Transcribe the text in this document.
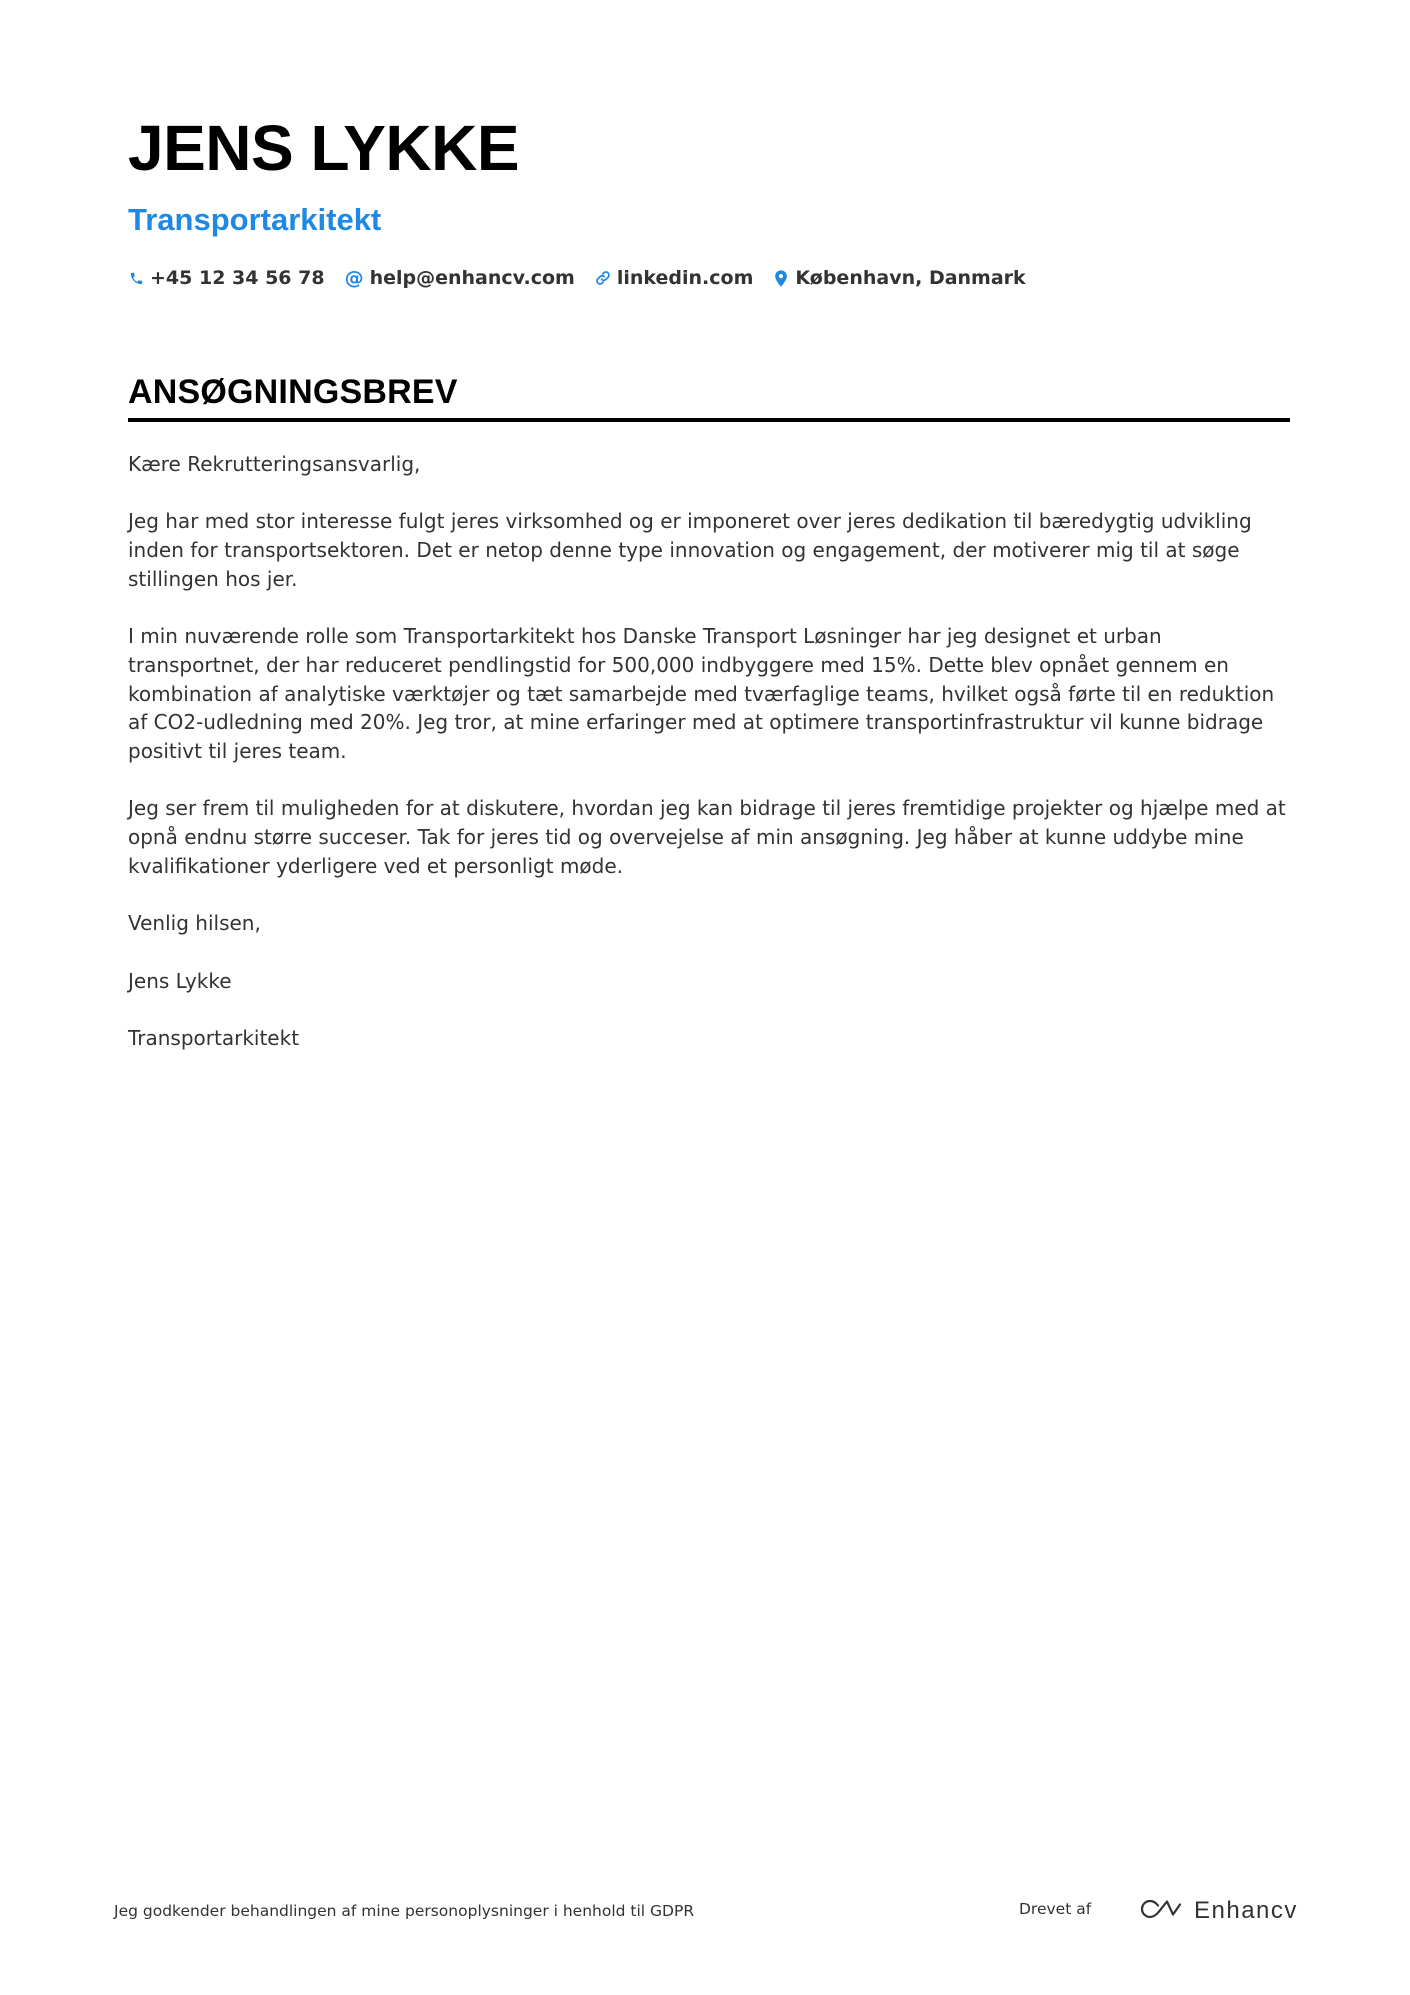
JENS LYKKE
Transportarkitekt
+45 12 34 56 78 @ help@enhancv.com linkedin.com København, Danmark
ANSØGNINGSBREV

Kære Rekrutteringsansvarlig,

Jeg har med stor interesse fulgt jeres virksomhed og er imponeret over jeres dedikation til bæredygtig udvikling inden for transportsektoren. Det er netop denne type innovation og engagement, der motiverer mig til at søge stillingen hos jer.

I min nuværende rolle som Transportarkitekt hos Danske Transport Løsninger har jeg designet et urban transportnet, der har reduceret pendlingstid for 500,000 indbyggere med 15%. Dette blev opnået gennem en kombination af analytiske værktøjer og tæt samarbejde med tværfaglige teams, hvilket også førte til en reduktion af CO2-udledning med 20%. Jeg tror, at mine erfaringer med at optimere transportinfrastruktur vil kunne bidrage positivt til jeres team.

Jeg ser frem til muligheden for at diskutere, hvordan jeg kan bidrage til jeres fremtidige projekter og hjælpe med at opnå endnu større succeser. Tak for jeres tid og overvejelse af min ansøgning. Jeg håber at kunne uddybe mine kvalifikationer yderligere ved et personligt møde.

Venlig hilsen,

Jens Lykke

Transportarkitekt

Jeg godkender behandlingen af mine personoplysninger i henhold til GDPR	Drevet af	Enhancv
